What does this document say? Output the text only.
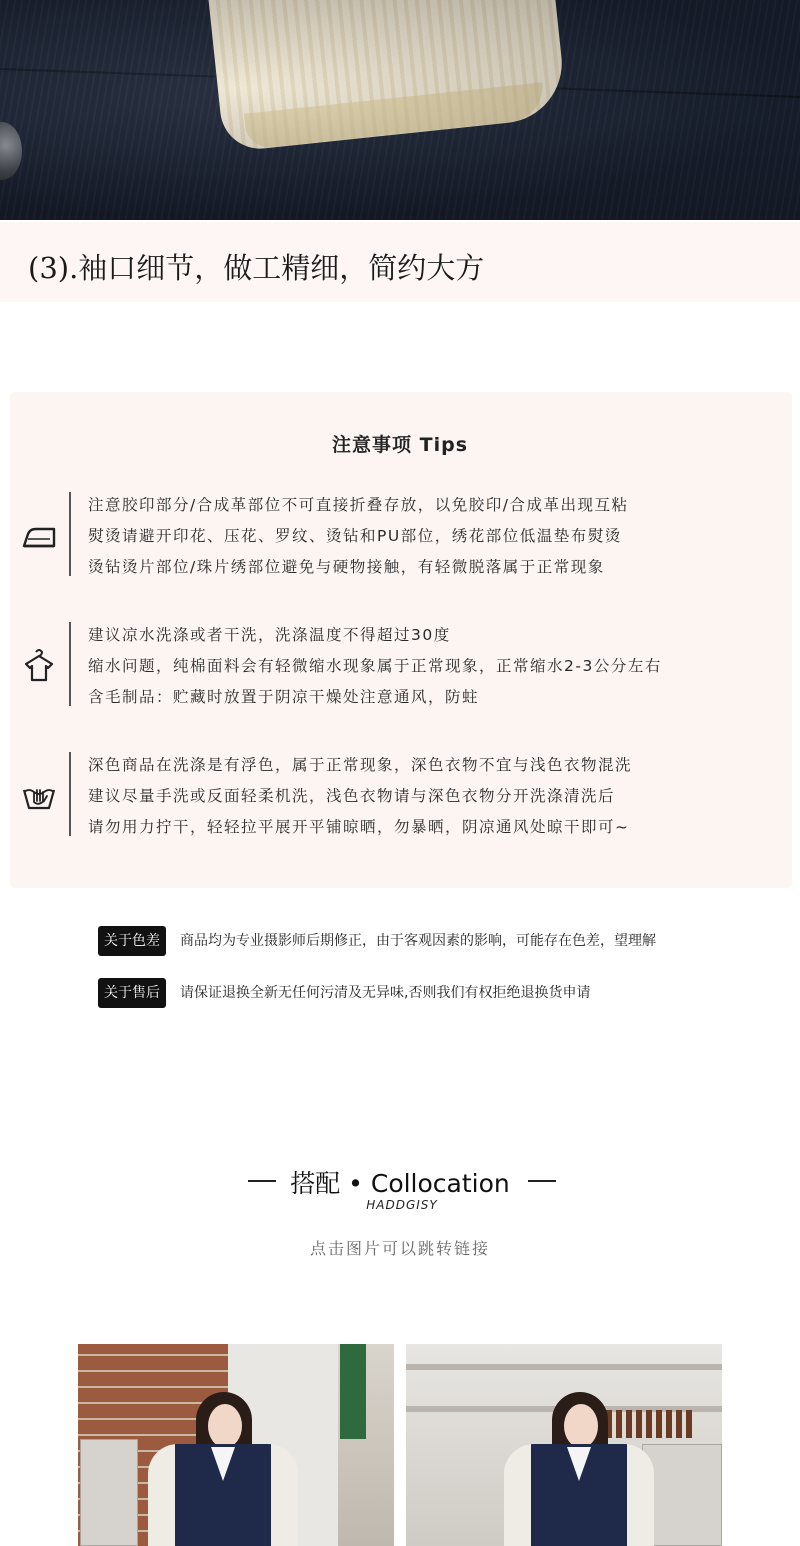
(3).袖口细节，做工精细，简约大方
注意事项 Tips
注意胶印部分/合成革部位不可直接折叠存放，以免胶印/合成革出现互粘
熨烫请避开印花、压花、罗纹、烫钻和PU部位，绣花部位低温垫布熨烫
烫钻烫片部位/珠片绣部位避免与硬物接触，有轻微脱落属于正常现象
建议凉水洗涤或者干洗，洗涤温度不得超过30度
缩水问题，纯棉面料会有轻微缩水现象属于正常现象，正常缩水2-3公分左右
含毛制品：贮藏时放置于阴凉干燥处注意通风，防蛀
深色商品在洗涤是有浮色，属于正常现象，深色衣物不宜与浅色衣物混洗
建议尽量手洗或反面轻柔机洗，浅色衣物请与深色衣物分开洗涤清洗后
请勿用力拧干，轻轻拉平展开平铺晾晒，勿暴晒，阴凉通风处晾干即可~
关于色差	商品均为专业摄影师后期修正，由于客观因素的影响，可能存在色差，望理解
关于售后	请保证退换全新无任何污清及无异味,否则我们有权拒绝退换货申请
搭配 • Collocation
HADDGISY
点击图片可以跳转链接
